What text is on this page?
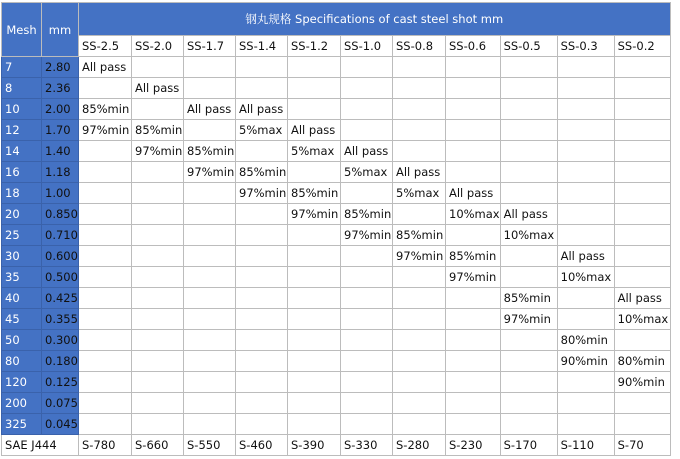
Mesh	mm	钢丸规格 Specifications of cast steel shot mm										
		SS-2.5	SS-2.0	SS-1.7	SS-1.4	SS-1.2	SS-1.0	SS-0.8	SS-0.6	SS-0.5	SS-0.3	SS-0.2
7	2.80	All pass										
8	2.36		All pass									
10	2.00	85%min		All pass	All pass							
12	1.70	97%min	85%min		5%max	All pass						
14	1.40		97%min	85%min		5%max	All pass					
16	1.18			97%min	85%min		5%max	All pass				
18	1.00				97%min	85%min		5%max	All pass			
20	0.850					97%min	85%min		10%max	All pass		
25	0.710						97%min	85%min		10%max		
30	0.600							97%min	85%min		All pass	
35	0.500								97%min		10%max	
40	0.425									85%min		All pass
45	0.355									97%min		10%max
50	0.300										80%min	
80	0.180										90%min	80%min
120	0.125											90%min
200	0.075											
325	0.045											
SAE J444		S-780	S-660	S-550	S-460	S-390	S-330	S-280	S-230	S-170	S-110	S-70
